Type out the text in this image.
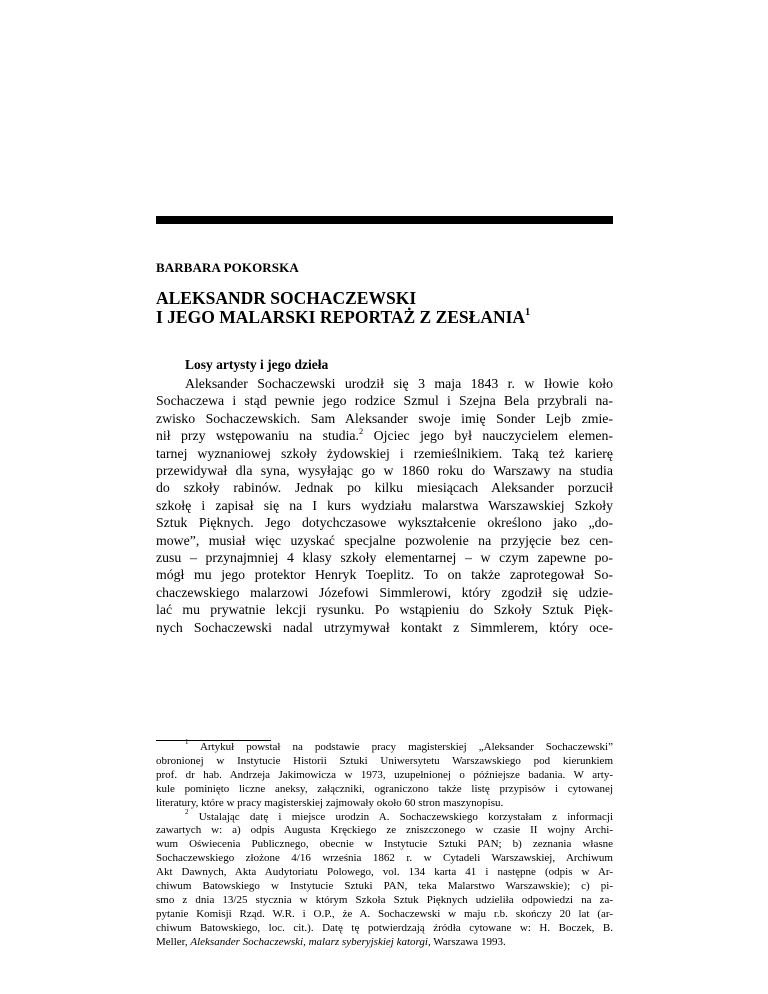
BARBARA POKORSKA
ALEKSANDR SOCHACZEWSKI
I JEGO MALARSKI REPORTAŻ Z ZESŁANIA$^1$
Losy artysty i jego dzieła
Aleksander Sochaczewski urodził się 3 maja 1843 r. w Iłowie koło
Sochaczewa i stąd pewnie jego rodzice Szmul i Szejna Bela przybrali na-
zwisko Sochaczewskich. Sam Aleksander swoje imię Sonder Lejb zmie-
nił przy wstępowaniu na studia.$^2$ Ojciec jego był nauczycielem elemen-
tarnej wyznaniowej szkoły żydowskiej i rzemieślnikiem. Taką też karierę
przewidywał dla syna, wysyłając go w 1860 roku do Warszawy na studia
do szkoły rabinów. Jednak po kilku miesiącach Aleksander porzucił
szkołę i zapisał się na I kurs wydziału malarstwa Warszawskiej Szkoły
Sztuk Pięknych. Jego dotychczasowe wykształcenie określono jako „do-
mowe”, musiał więc uzyskać specjalne pozwolenie na przyjęcie bez cen-
zusu – przynajmniej 4 klasy szkoły elementarnej – w czym zapewne po-
mógł mu jego protektor Henryk Toeplitz. To on także zaprotegował So-
chaczewskiego malarzowi Józefowi Simmlerowi, który zgodził się udzie-
lać mu prywatnie lekcji rysunku. Po wstąpieniu do Szkoły Sztuk Pięk-
nych Sochaczewski nadal utrzymywał kontakt z Simmlerem, który oce-
$^1$ Artykuł powstał na podstawie pracy magisterskiej „Aleksander Sochaczewski”
obronionej w Instytucie Historii Sztuki Uniwersytetu Warszawskiego pod kierunkiem
prof. dr hab. Andrzeja Jakimowicza w 1973, uzupełnionej o późniejsze badania. W arty-
kule pominięto liczne aneksy, załączniki, ograniczono także listę przypisów i cytowanej
literatury, które w pracy magisterskiej zajmowały około 60 stron maszynopisu.
$^2$ Ustalając datę i miejsce urodzin A. Sochaczewskiego korzystałam z informacji
zawartych w: a) odpis Augusta Kręckiego ze zniszczonego w czasie II wojny Archi-
wum Oświecenia Publicznego, obecnie w Instytucie Sztuki PAN; b) zeznania własne
Sochaczewskiego złożone 4/16 września 1862 r. w Cytadeli Warszawskiej, Archiwum
Akt Dawnych, Akta Audytoriatu Polowego, vol. 134 karta 41 i następne (odpis w Ar-
chiwum Batowskiego w Instytucie Sztuki PAN, teka Malarstwo Warszawskie); c) pi-
smo z dnia 13/25 stycznia w którym Szkoła Sztuk Pięknych udzieliła odpowiedzi na za-
pytanie Komisji Rząd. W.R. i O.P., że A. Sochaczewski w maju r.b. skończy 20 lat (ar-
chiwum Batowskiego, loc. cit.). Datę tę potwierdzają źródła cytowane w: H. Boczek, B.
Meller, Aleksander Sochaczewski, malarz syberyjskiej katorgi, Warszawa 1993.
